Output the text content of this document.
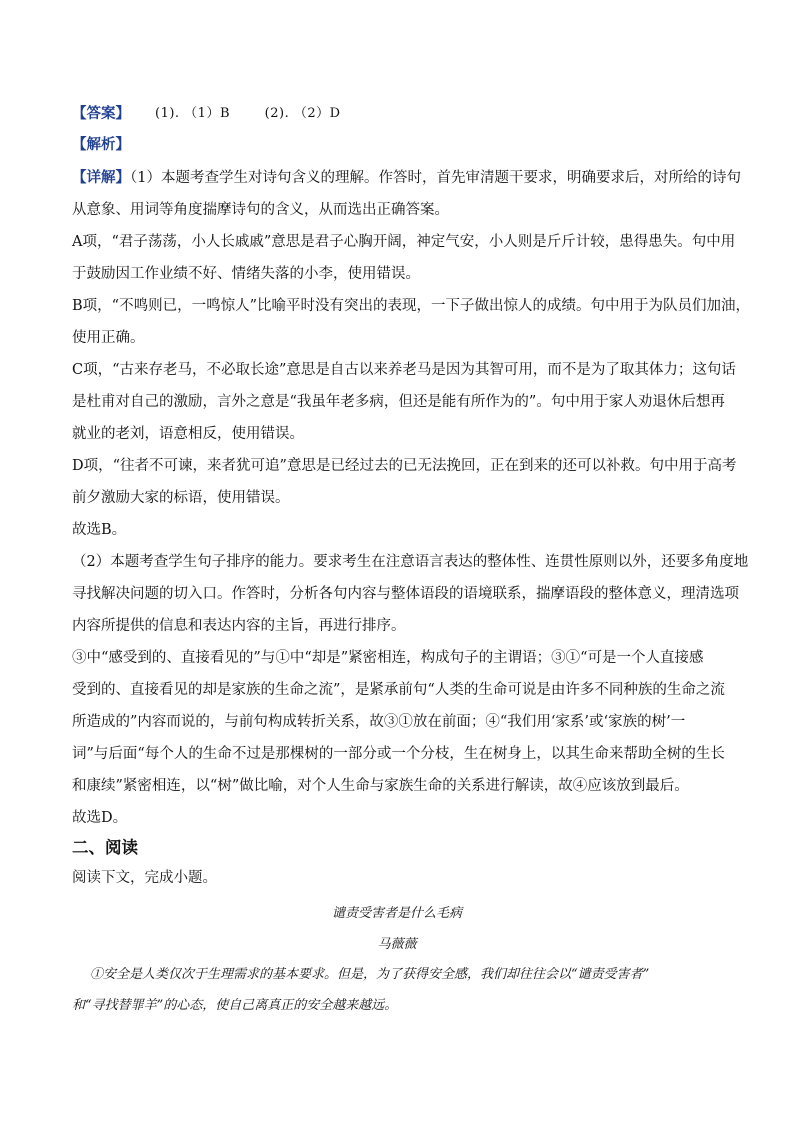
【答案】 (1). （1）B	(2). （2）D
【解析】
【详解】（1）本题考查学生对诗句含义的理解。作答时，首先审清题干要求，明确要求后，对所给的诗句
从意象、用词等角度揣摩诗句的含义，从而选出正确答案。
A项，“君子荡荡，小人长戚戚”意思是君子心胸开阔，神定气安，小人则是斤斤计较，患得患失。句中用
于鼓励因工作业绩不好、情绪失落的小李，使用错误。
B项，“不鸣则已，一鸣惊人”比喻平时没有突出的表现，一下子做出惊人的成绩。句中用于为队员们加油，
使用正确。
C项，“古来存老马，不必取长途”意思是自古以来养老马是因为其智可用，而不是为了取其体力；这句话
是杜甫对自己的激励，言外之意是“我虽年老多病，但还是能有所作为的”。句中用于家人劝退休后想再
就业的老刘，语意相反，使用错误。
D项，“往者不可谏，来者犹可追”意思是已经过去的已无法挽回，正在到来的还可以补救。句中用于高考
前夕激励大家的标语，使用错误。
故选B。
（2）本题考查学生句子排序的能力。要求考生在注意语言表达的整体性、连贯性原则以外，还要多角度地
寻找解决问题的切入口。作答时，分析各句内容与整体语段的语境联系，揣摩语段的整体意义，理清选项
内容所提供的信息和表达内容的主旨，再进行排序。
③中“感受到的、直接看见的”与①中“却是”紧密相连，构成句子的主谓语；③①“可是一个人直接感
受到的、直接看见的却是家族的生命之流”，是紧承前句“人类的生命可说是由许多不同种族的生命之流
所造成的”内容而说的，与前句构成转折关系，故③①放在前面；④“我们用‘家系’或‘家族的树’一
词”与后面“每个人的生命不过是那棵树的一部分或一个分枝，生在树身上，以其生命来帮助全树的生长
和康续”紧密相连，以“树”做比喻，对个人生命与家族生命的关系进行解读，故④应该放到最后。
故选D。
二、阅读
阅读下文，完成小题。
谴责受害者是什么毛病
马薇薇
①安全是人类仅次于生理需求的基本要求。但是，为了获得安全感，我们却往往会以“谴责受害者”
和“寻找替罪羊”的心态，使自己离真正的安全越来越远。
